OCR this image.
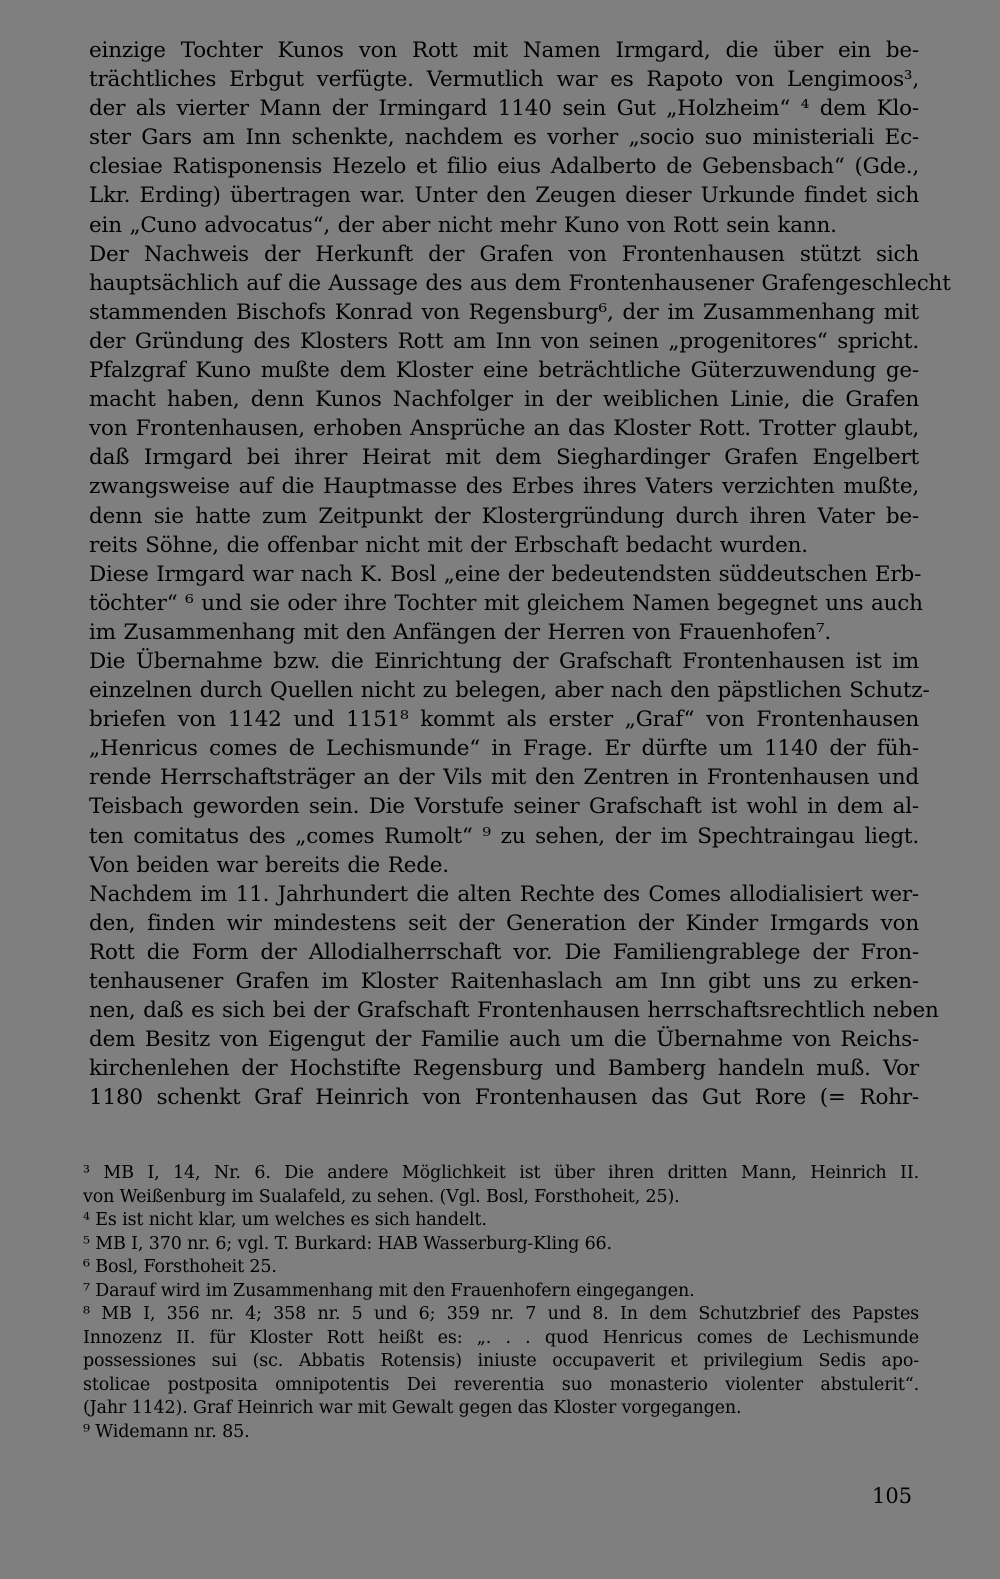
einzige Tochter Kunos von Rott mit Namen Irmgard, die über ein be-
trächtliches Erbgut verfügte. Vermutlich war es Rapoto von Lengimoos³,
der als vierter Mann der Irmingard 1140 sein Gut „Holzheim“ ⁴ dem Klo-
ster Gars am Inn schenkte, nachdem es vorher „socio suo ministeriali Ec-
clesiae Ratisponensis Hezelo et filio eius Adalberto de Gebensbach“ (Gde.,
Lkr. Erding) übertragen war. Unter den Zeugen dieser Urkunde findet sich
ein „Cuno advocatus“, der aber nicht mehr Kuno von Rott sein kann.
Der Nachweis der Herkunft der Grafen von Frontenhausen stützt sich
hauptsächlich auf die Aussage des aus dem Frontenhausener Grafengeschlecht
stammenden Bischofs Konrad von Regensburg⁶, der im Zusammenhang mit
der Gründung des Klosters Rott am Inn von seinen „progenitores“ spricht.
Pfalzgraf Kuno mußte dem Kloster eine beträchtliche Güterzuwendung ge-
macht haben, denn Kunos Nachfolger in der weiblichen Linie, die Grafen
von Frontenhausen, erhoben Ansprüche an das Kloster Rott. Trotter glaubt,
daß Irmgard bei ihrer Heirat mit dem Sieghardinger Grafen Engelbert
zwangsweise auf die Hauptmasse des Erbes ihres Vaters verzichten mußte,
denn sie hatte zum Zeitpunkt der Klostergründung durch ihren Vater be-
reits Söhne, die offenbar nicht mit der Erbschaft bedacht wurden.
Diese Irmgard war nach K. Bosl „eine der bedeutendsten süddeutschen Erb-
töchter“ ⁶ und sie oder ihre Tochter mit gleichem Namen begegnet uns auch
im Zusammenhang mit den Anfängen der Herren von Frauenhofen⁷.
Die Übernahme bzw. die Einrichtung der Grafschaft Frontenhausen ist im
einzelnen durch Quellen nicht zu belegen, aber nach den päpstlichen Schutz-
briefen von 1142 und 1151⁸ kommt als erster „Graf“ von Frontenhausen
„Henricus comes de Lechismunde“ in Frage. Er dürfte um 1140 der füh-
rende Herrschaftsträger an der Vils mit den Zentren in Frontenhausen und
Teisbach geworden sein. Die Vorstufe seiner Grafschaft ist wohl in dem al-
ten comitatus des „comes Rumolt“ ⁹ zu sehen, der im Spechtraingau liegt.
Von beiden war bereits die Rede.
Nachdem im 11. Jahrhundert die alten Rechte des Comes allodialisiert wer-
den, finden wir mindestens seit der Generation der Kinder Irmgards von
Rott die Form der Allodialherrschaft vor. Die Familiengrablege der Fron-
tenhausener Grafen im Kloster Raitenhaslach am Inn gibt uns zu erken-
nen, daß es sich bei der Grafschaft Frontenhausen herrschaftsrechtlich neben
dem Besitz von Eigengut der Familie auch um die Übernahme von Reichs-
kirchenlehen der Hochstifte Regensburg und Bamberg handeln muß. Vor
1180 schenkt Graf Heinrich von Frontenhausen das Gut Rore (= Rohr-
³ MB I, 14, Nr. 6. Die andere Möglichkeit ist über ihren dritten Mann, Heinrich II.
von Weißenburg im Sualafeld, zu sehen. (Vgl. Bosl, Forsthoheit, 25).
⁴ Es ist nicht klar, um welches es sich handelt.
⁵ MB I, 370 nr. 6; vgl. T. Burkard: HAB Wasserburg-Kling 66.
⁶ Bosl, Forsthoheit 25.
⁷ Darauf wird im Zusammenhang mit den Frauenhofern eingegangen.
⁸ MB I, 356 nr. 4; 358 nr. 5 und 6; 359 nr. 7 und 8. In dem Schutzbrief des Papstes
Innozenz II. für Kloster Rott heißt es: „. . . quod Henricus comes de Lechismunde
possessiones sui (sc. Abbatis Rotensis) iniuste occupaverit et privilegium Sedis apo-
stolicae postposita omnipotentis Dei reverentia suo monasterio violenter abstulerit“.
(Jahr 1142). Graf Heinrich war mit Gewalt gegen das Kloster vorgegangen.
⁹ Widemann nr. 85.
105
